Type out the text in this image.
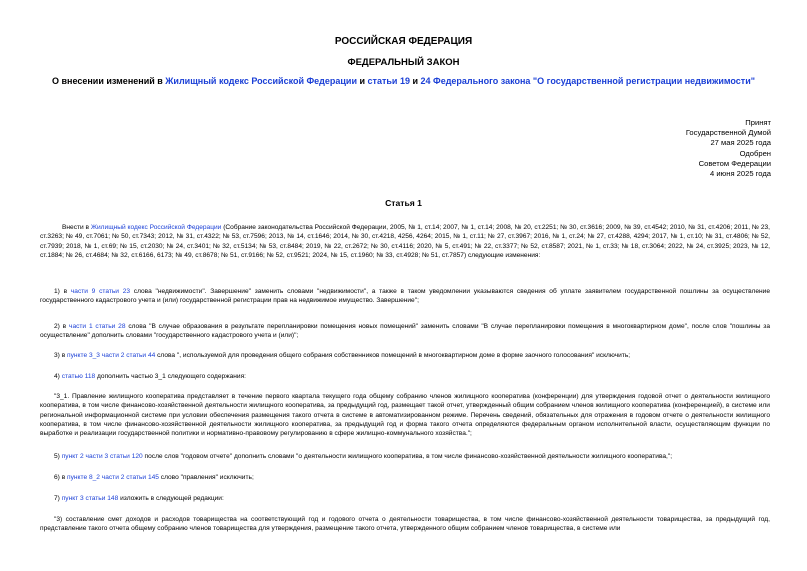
РОССИЙСКАЯ ФЕДЕРАЦИЯ
ФЕДЕРАЛЬНЫЙ ЗАКОН
О внесении изменений в Жилищный кодекс Российской Федерации и статьи 19 и 24 Федерального закона "О государственной регистрации недвижимости"
Принят
Государственной Думой
27 мая 2025 года
Одобрен
Советом Федерации
4 июня 2025 года
Статья 1
Внести в Жилищный кодекс Российской Федерации (Собрание законодательства Российской Федерации, 2005, № 1, ст.14; 2007, № 1, ст.14; 2008, № 20, ст.2251; № 30, ст.3616; 2009, № 39, ст.4542; 2010, № 31, ст.4206; 2011, № 23, ст.3263; № 49, ст.7061; № 50, ст.7343; 2012, № 31, ст.4322; № 53, ст.7596; 2013, № 14, ст.1646; 2014, № 30, ст.4218, 4256, 4264; 2015, № 1, ст.11; № 27, ст.3967; 2016, № 1, ст.24; № 27, ст.4288, 4294; 2017, № 1, ст.10; № 31, ст.4806; № 52, ст.7939; 2018, № 1, ст.69; № 15, ст.2030; № 24, ст.3401; № 32, ст.5134; № 53, ст.8484; 2019, № 22, ст.2672; № 30, ст.4116; 2020, № 5, ст.491; № 22, ст.3377; № 52, ст.8587; 2021, № 1, ст.33; № 18, ст.3064; 2022, № 24, ст.3925; 2023, № 12, ст.1884; № 26, ст.4684; № 32, ст.6166, 6173; № 49, ст.8678; № 51, ст.9166; № 52, ст.9521; 2024, № 15, ст.1960; № 33, ст.4928; № 51, ст.7857) следующие изменения:
1) в части 9 статьи 23 слова "недвижимости". Завершение" заменить словами "недвижимости", а также в таком уведомлении указываются сведения об уплате заявителем государственной пошлины за осуществление государственного кадастрового учета и (или) государственной регистрации прав на недвижимое имущество. Завершение";
2) в части 1 статьи 28 слова "В случае образования в результате перепланировки помещения новых помещений" заменить словами "В случае перепланировки помещения в многоквартирном доме", после слов "пошлины за осуществление" дополнить словами "государственного кадастрового учета и (или)";
3) в пункте 3_3 части 2 статьи 44 слова ", используемой для проведения общего собрания собственников помещений в многоквартирном доме в форме заочного голосования" исключить;
4) статью 118 дополнить частью 3_1 следующего содержания:
"3_1. Правление жилищного кооператива представляет в течение первого квартала текущего года общему собранию членов жилищного кооператива (конференции) для утверждения годовой отчет о деятельности жилищного кооператива, в том числе финансово-хозяйственной деятельности жилищного кооператива, за предыдущий год, размещает такой отчет, утвержденный общим собранием членов жилищного кооператива (конференцией), в системе или региональной информационной системе при условии обеспечения размещения такого отчета в системе в автоматизированном режиме. Перечень сведений, обязательных для отражения в годовом отчете о деятельности жилищного кооператива, в том числе финансово-хозяйственной деятельности жилищного кооператива, за предыдущий год и форма такого отчета определяются федеральным органом исполнительной власти, осуществляющим функции по выработке и реализации государственной политики и нормативно-правовому регулированию в сфере жилищно-коммунального хозяйства.";
5) пункт 2 части 3 статьи 120 после слов "годовом отчете" дополнить словами "о деятельности жилищного кооператива, в том числе финансово-хозяйственной деятельности жилищного кооператива,";
6) в пункте 8_2 части 2 статьи 145 слово "правления" исключить;
7) пункт 3 статьи 148 изложить в следующей редакции:
"3) составление смет доходов и расходов товарищества на соответствующий год и годового отчета о деятельности товарищества, в том числе финансово-хозяйственной деятельности товарищества, за предыдущий год, представление такого отчета общему собранию членов товарищества для утверждения, размещение такого отчета, утвержденного общим собранием членов товарищества, в системе или
